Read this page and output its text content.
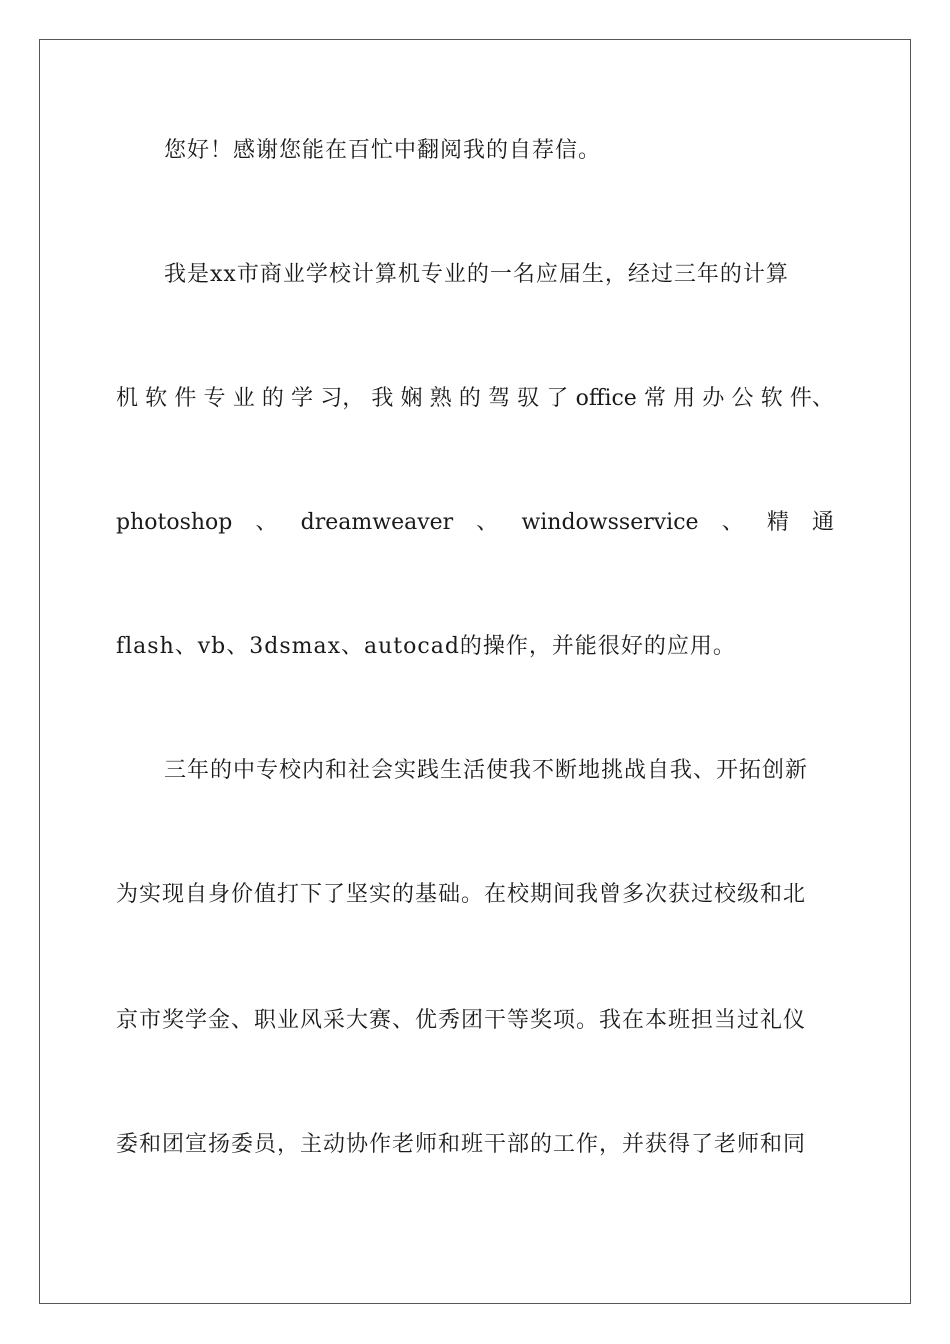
您好！感谢您能在百忙中翻阅我的自荐信。
我是xx市商业学校计算机专业的一名应届生，经过三年的计算
机 软 件 专 业 的 学 习， 我 娴 熟 的 驾 驭 了 office 常 用 办 公 软 件、
photoshop 、 dreamweaver 、 windowsservice 、 精 通
flash、vb、3dsmax、autocad的操作，并能很好的应用。
三年的中专校内和社会实践生活使我不断地挑战自我、开拓创新
为实现自身价值打下了坚实的基础。在校期间我曾多次获过校级和北
京市奖学金、职业风采大赛、优秀团干等奖项。我在本班担当过礼仪
委和团宣扬委员，主动协作老师和班干部的工作，并获得了老师和同
